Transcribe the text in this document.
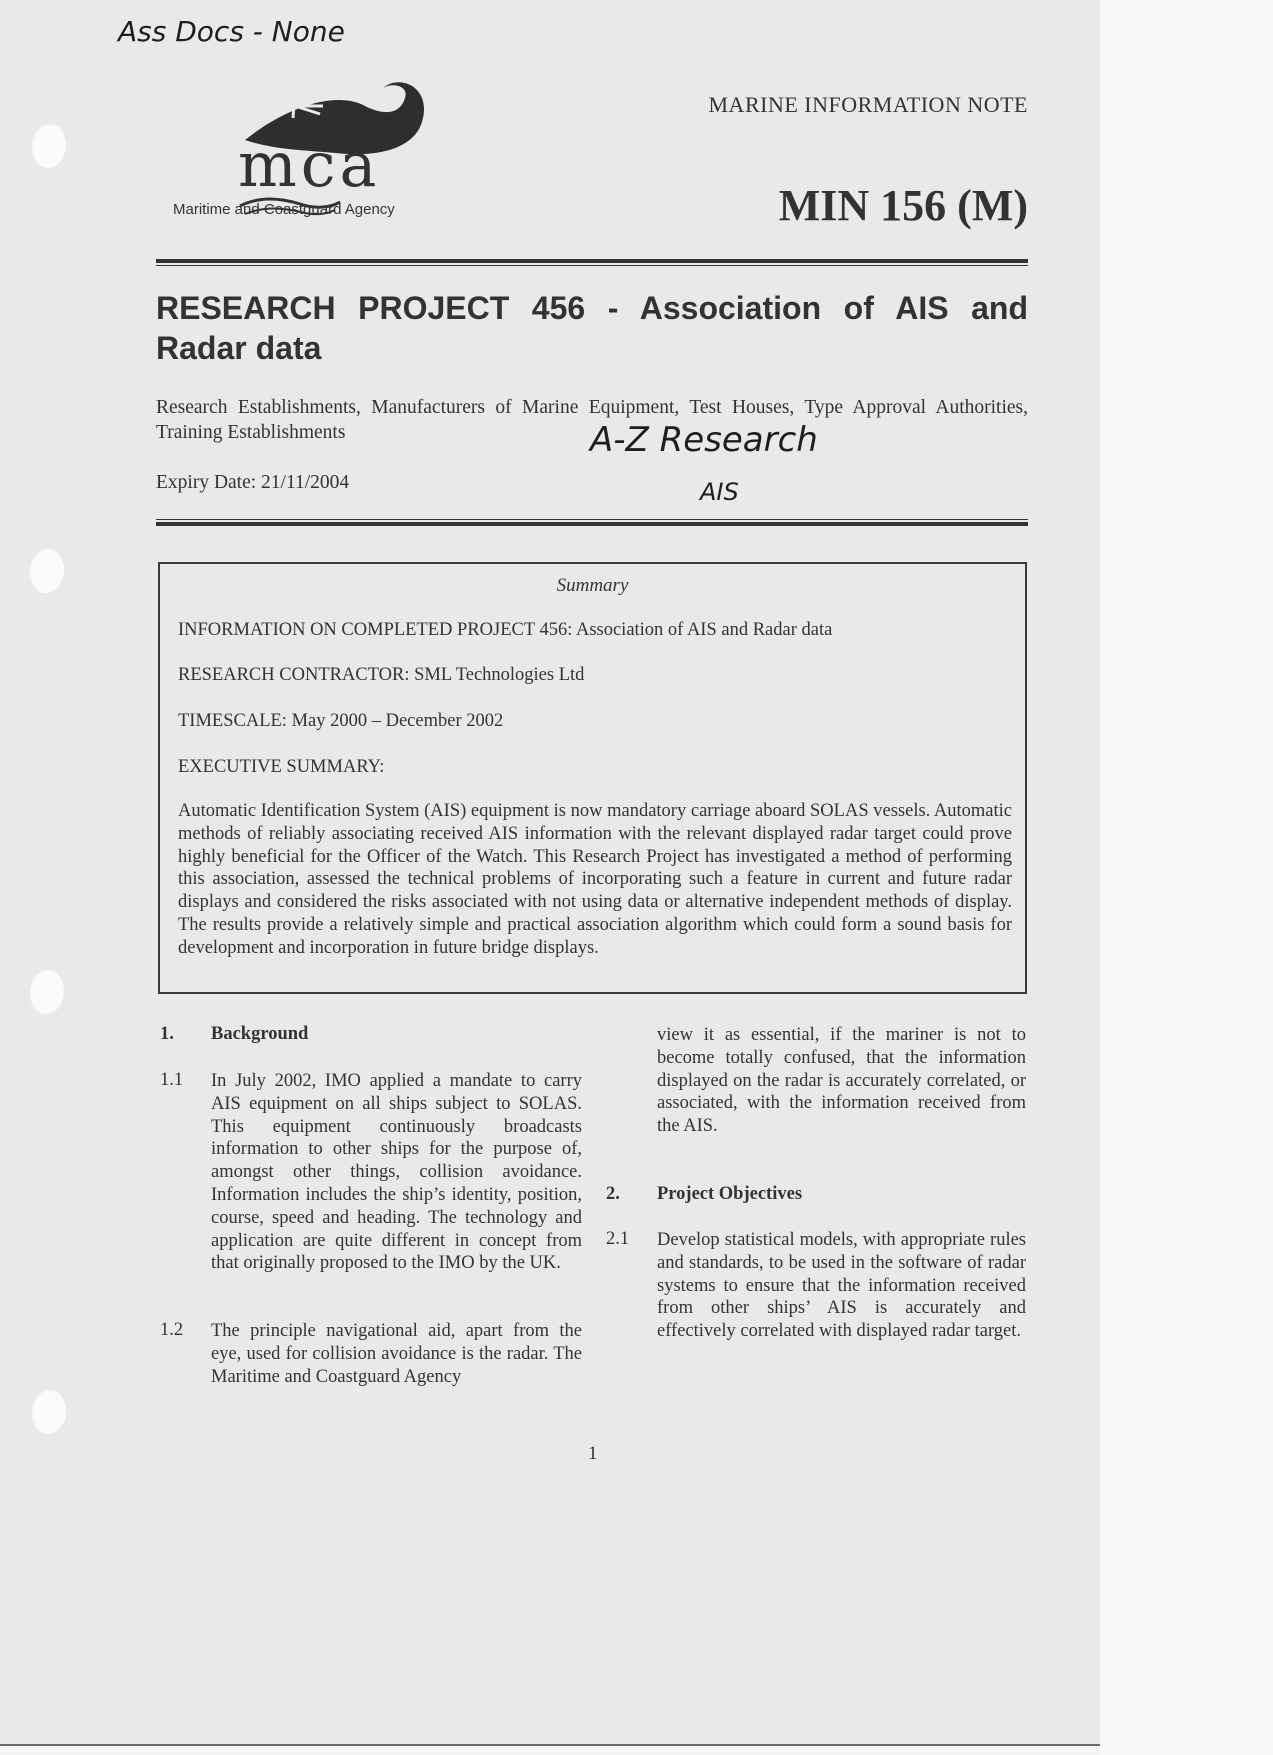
Ass Docs - None
A-Z Research
AIS
mca
Maritime and Coastguard Agency
MARINE INFORMATION NOTE
MIN 156 (M)
RESEARCH PROJECT 456 - Association of AIS and Radar data
Research Establishments, Manufacturers of Marine Equipment, Test Houses, Type Approval Authorities, Training Establishments
Expiry Date: 21/11/2004
Summary
INFORMATION ON COMPLETED PROJECT 456: Association of AIS and Radar data
RESEARCH CONTRACTOR: SML Technologies Ltd
TIMESCALE: May 2000 – December 2002
EXECUTIVE SUMMARY:
Automatic Identification System (AIS) equipment is now mandatory carriage aboard SOLAS vessels. Automatic methods of reliably associating received AIS information with the relevant displayed radar target could prove highly beneficial for the Officer of the Watch. This Research Project has investigated a method of performing this association, assessed the technical problems of incorporating such a feature in current and future radar displays and considered the risks associated with not using data or alternative independent methods of display. The results provide a relatively simple and practical association algorithm which could form a sound basis for development and incorporation in future bridge displays.
1. Background
1.1 In July 2002, IMO applied a mandate to carry AIS equipment on all ships subject to SOLAS. This equipment continuously broadcasts information to other ships for the purpose of, amongst other things, collision avoidance. Information includes the ship’s identity, position, course, speed and heading. The technology and application are quite different in concept from that originally proposed to the IMO by the UK.
1.2 The principle navigational aid, apart from the eye, used for collision avoidance is the radar. The Maritime and Coastguard Agency
view it as essential, if the mariner is not to become totally confused, that the information displayed on the radar is accurately correlated, or associated, with the information received from the AIS.
2. Project Objectives
2.1 Develop statistical models, with appropriate rules and standards, to be used in the software of radar systems to ensure that the information received from other ships’ AIS is accurately and effectively correlated with displayed radar target.
1
